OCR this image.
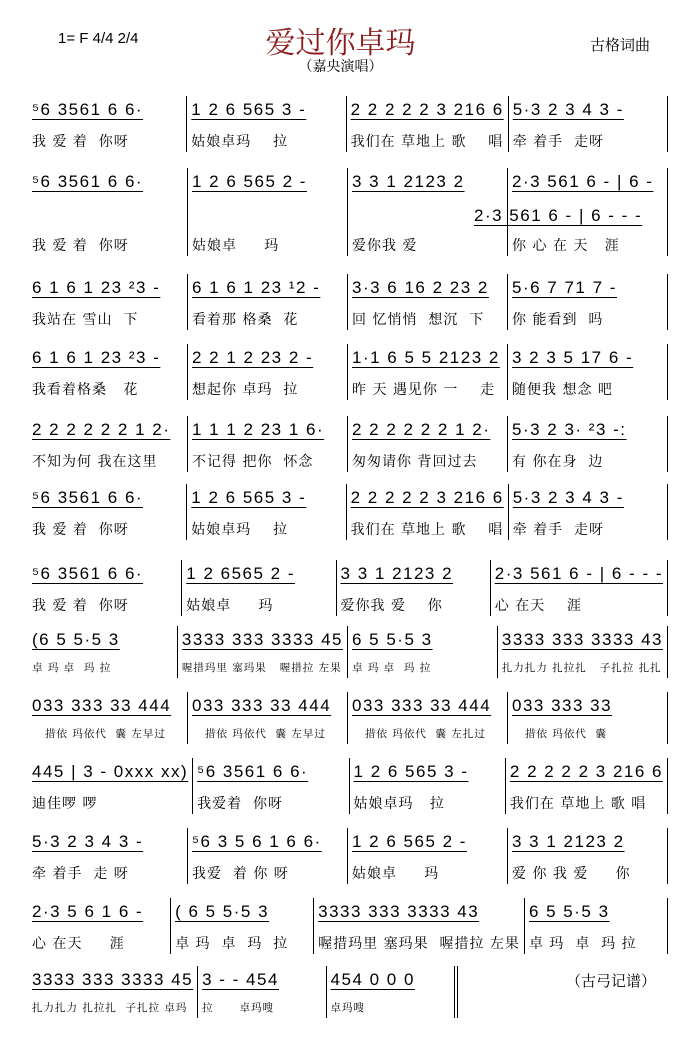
1= F 4/4 2/4	爱过你卓玛	古格词曲
（嘉央演唱）
⁵6 3561 6 6·
我 爱 着  你呀
1 2 6 565 3 -
姑娘卓玛    拉
2 2 2 2 2 3 216 6
我们在 草地上 歌    唱
5·3 2 3 4 3 -
牵 着手  走呀
⁵6 3561 6 6·
我 爱 着  你呀
1 2 6 565 2 -
姑娘卓     玛
3 3 1 2123 2
爱你我 爱
2·3 561 6 - | 6 -
你 心 在 天   涯
6 1 6 1 23 ²3 -
我站在 雪山  下
6 1 6 1 23 ¹2 -
看着那 格桑  花
3·3 6 16 2 23 2
回 忆悄悄  想沉  下
5·6 7 71 7 -
你 能看到  吗
6 1 6 1 23 ²3 -
我看着格桑   花
2 2 1 2 23 2 -
想起你 卓玛  拉
1·1 6 5 5 2123 2
昨 天 遇见你 一    走
3 2 3 5 17 6 -
随便我 想念 吧
2 2 2 2 2 2 1 2·
不知为何 我在这里
1 1 1 2 23 1 6·
不记得 把你  怀念
2 2 2 2 2 2 1 2·
匆匆请你 背回过去
5·3 2 3· ²3 -:
有 你在身  边
⁵6 3561 6 6·
我 爱 着  你呀
1 2 6 565 3 -
姑娘卓玛    拉
2 2 2 2 2 3 216 6
我们在 草地上 歌    唱
5·3 2 3 4 3 -
牵 着手  走呀
⁵6 3561 6 6·
我 爱 着  你呀
1 2 6565 2 -
姑娘卓     玛
3 3 1 2123 2
爱你我 爱    你
2·3 561 6 - | 6 - - -
心 在天    涯
(6 5 5·5 3
卓 玛 卓  玛 拉
3333 333 3333 45
喔措玛里 塞玛果   喔措拉 左果
6 5 5·5 3
卓 玛 卓  玛 拉
3333 333 3333 43
扎力扎力 扎拉扎   子扎拉 扎扎
033 333 33 444
措依 玛依代  囊 左早过
033 333 33 444
措依 玛依代  囊 左早过
033 333 33 444
措依 玛依代  囊 左扎过
033 333 33
措依 玛依代  囊
445 | 3 - 0xxx xx)
迪佳啰 啰
⁵6 3561 6 6·
我爱着  你呀
1 2 6 565 3 -
姑娘卓玛   拉
2 2 2 2 2 3 216 6
我们在 草地上 歌 唱
5·3 2 3 4 3 -
牵 着手  走 呀
⁵6 3 5 6 1 6 6·
我爱  着 你 呀
1 2 6 565 2 -
姑娘卓     玛
3 3 1 2123 2
爱 你 我 爱     你
2·3 5 6 1 6 -
心 在天     涯
( 6 5 5·5 3
卓 玛  卓  玛  拉
3333 333 3333 43
喔措玛里 塞玛果  喔措拉 左果
6 5 5·5 3
卓 玛  卓  玛 拉
3333 333 3333 45
扎力扎力 扎拉扎  子扎拉 卓玛
3 - - 454
拉      卓玛嗖
454 0 0 0
卓玛嗖
2·3 561 6 - | 6 - - -
（古弓记谱）
